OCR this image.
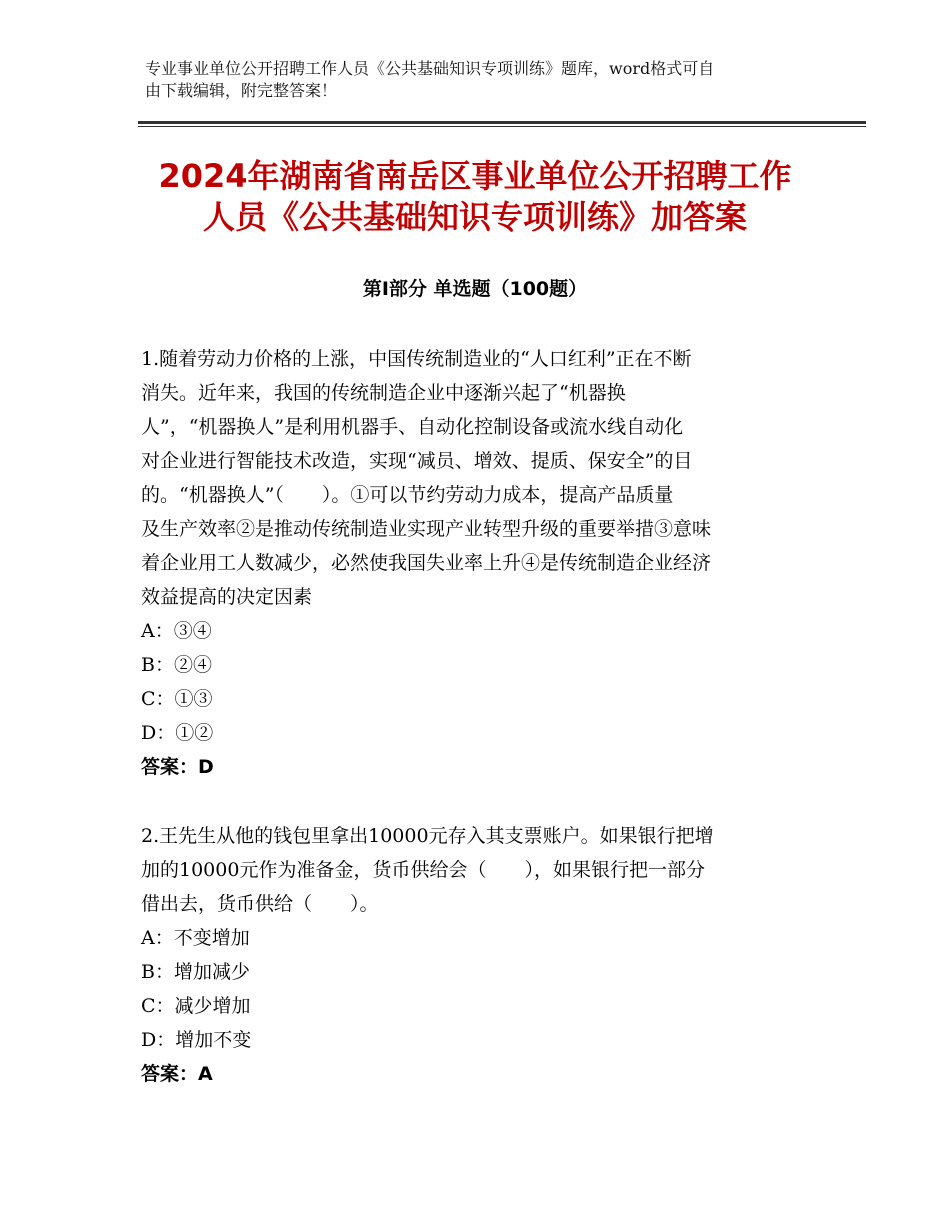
专业事业单位公开招聘工作人员《公共基础知识专项训练》题库，word格式可自
由下载编辑，附完整答案！
2024年湖南省南岳区事业单位公开招聘工作
人员《公共基础知识专项训练》加答案
第Ⅰ部分 单选题（100题）
1.随着劳动力价格的上涨，中国传统制造业的“人口红利”正在不断
消失。近年来，我国的传统制造企业中逐渐兴起了“机器换
人”，“机器换人”是利用机器手、自动化控制设备或流水线自动化
对企业进行智能技术改造，实现“减员、增效、提质、保安全”的目
的。“机器换人”（　　）。①可以节约劳动力成本，提高产品质量
及生产效率②是推动传统制造业实现产业转型升级的重要举措③意味
着企业用工人数减少，必然使我国失业率上升④是传统制造企业经济
效益提高的决定因素
A：③④
B：②④
C：①③
D：①②
答案：D
2.王先生从他的钱包里拿出10000元存入其支票账户。如果银行把增
加的10000元作为准备金，货币供给会（　　），如果银行把一部分
借出去，货币供给（　　）。
A：不变增加
B：增加减少
C：减少增加
D：增加不变
答案：A
